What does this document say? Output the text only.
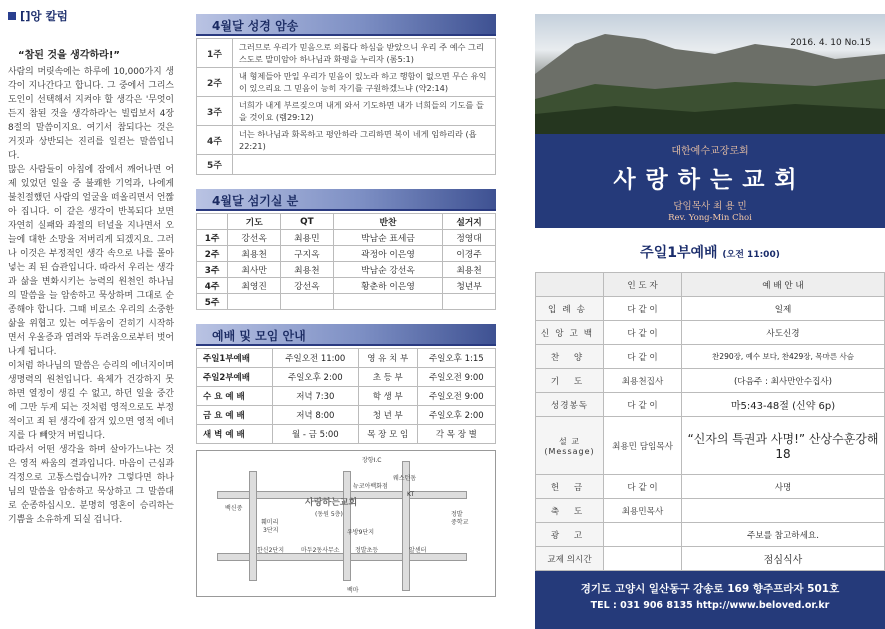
[]앙 칼럼
“참된 것을 생각하라!”

사람의 머릿속에는 하루에 10,000가지 생각이 지나간다고 합니다. 그 중에서 그리스도인이 선택해서 지켜야 할 생각은 '무엇이든지 참된 것을 생각하라'는 빌립보서 4장 8절의 말씀이지요. 여기서 참되다는 것은 거짓과 상반되는 진리를 일컫는 말씀입니다.

많은 사람들이 아침에 잠에서 깨어나면 어제 있었던 일을 중 불쾌한 기억과, 나에게 불친절했던 사람의 얼굴을 떠올리면서 언짢아 집니다. 이 같은 생각이 반복되다 보면 자연히 실패와 좌절의 터널을 지나면서 오늘에 대한 소망을 저버리게 되겠지요. 그러나 이것은 부정적인 생각 속으로 나를 몰아 넣는 죄 된 습관입니다. 따라서 우리는 생각과 삶을 변화시키는 능력의 원천인 하나님의 말씀을 늘 암송하고 묵상하며 그대로 순종해야 합니다. 그때 비로소 우리의 소중한 삶을 위협고 있는 여두움이 걷히기 시작하면서 우울증과 염려와 두려움으로부터 벗어나게 됩니다.

이처럼 하나님의 말씀은 승리의 에너지이며 생명력의 원천입니다. 육체가 건강하지 못하면 열정이 생길 수 없고, 하던 일을 중간에 그만 두게 되는 것처럼 영적으로도 부정적이고 죄 된 생각에 잠겨 있으면 영적 에너지를 다 빼앗겨 버립니다.

따라서 어떤 생각을 하며 살아가느냐는 것은 영적 싸움의 결과입니다. 마음이 근심과 걱정으로 고통스럽습니까? 그렇다면 하나님의 말씀을 암송하고 묵상하고 그 말씀대로 순종하십시오. 분명히 영혼이 승리하는 기쁨을 소유하게 되실 겁니다.

4월달 성경 암송
1주	그러므로 우리가 믿음으로 의롭다 하심을 받았으니 우리 주 예수 그리스도로 말미암아 하나님과 화평을 누리자 (롬5:1)
2주	내 형제들아 만일 우리가 믿음이 있노라 하고 행함이 없으면 무슨 유익이 있으리요 그 믿음이 능히 자기를 구원하겠느냐 (약2:14)
3주	너희가 내게 부르짖으며 내게 와서 기도하면 내가 너희들의 기도를 들을 것이요 (렘29:12)
4주	너는 하나님과 화목하고 평안하라 그리하면 복이 네게 임하리라 (욥22:21)
5주	
4월달 섬기실 분
	기도	QT	반찬	설거지
1주	강선옥	최용민	박남순 표세금	정영대
2주	최용천	구지옥	곽정아 이은영	이경주
3주	최사만	최용천	박남순 강선옥	최용천
4주	최영진	강선옥	황춘하 이은영	청년부
5주				
예배 및 모임 안내
주일1부예배	주일오전 11:00	영 유 치 부	주일오후 1:15
주일2부예배	주일오후 2:00	초 등 부	주일오전 9:00
수 요 예 배	저녁 7:30	학 생 부	주일오전 9:00
금 요 예 배	저녁 8:00	청 년 부	주일오후 2:00
새 벽 예 배	월 - 금 5:00	목 장 모 임	각 목 장 별
장항I.C
웨스턴돔
백신중
뉴코아백화점
KT
사랑하는교회
(동원 5층)
훼미리
3단지	우방9단지
정발
중학교
한신2단지	마두2동사무소	정발초등	알센터
백마
2016. 4. 10 No.15
대한예수교장로회
사랑하는교회
담임목사 최 용 민
Rev. Yong-Min Choi
주일1부예배 (오전 11:00)
	인 도 자	예 배 안 내
입례송	다 같 이	일제
신앙고백	다 같 이	사도신경
찬 양	다 같 이	찬290장, 예수 보다, 찬429장, 목마른 사슴
기 도	최용천집사	(다음주 : 최사만안수집사)
성경봉독	다 같 이	마5:43-48절 (신약 6p)
설 교 (Message)	최용민 담임목사	“신자의 특권과 사명!” 산상수훈강해18
헌 금	다 같 이	사명
축 도	최용민목사	
광 고		주보를 참고하세요.
교제 의시간		점심식사
경기도 고양시 일산동구 강송로 169 향주프라자 501호
TEL : 031 906 8135 http://www.beloved.or.kr
